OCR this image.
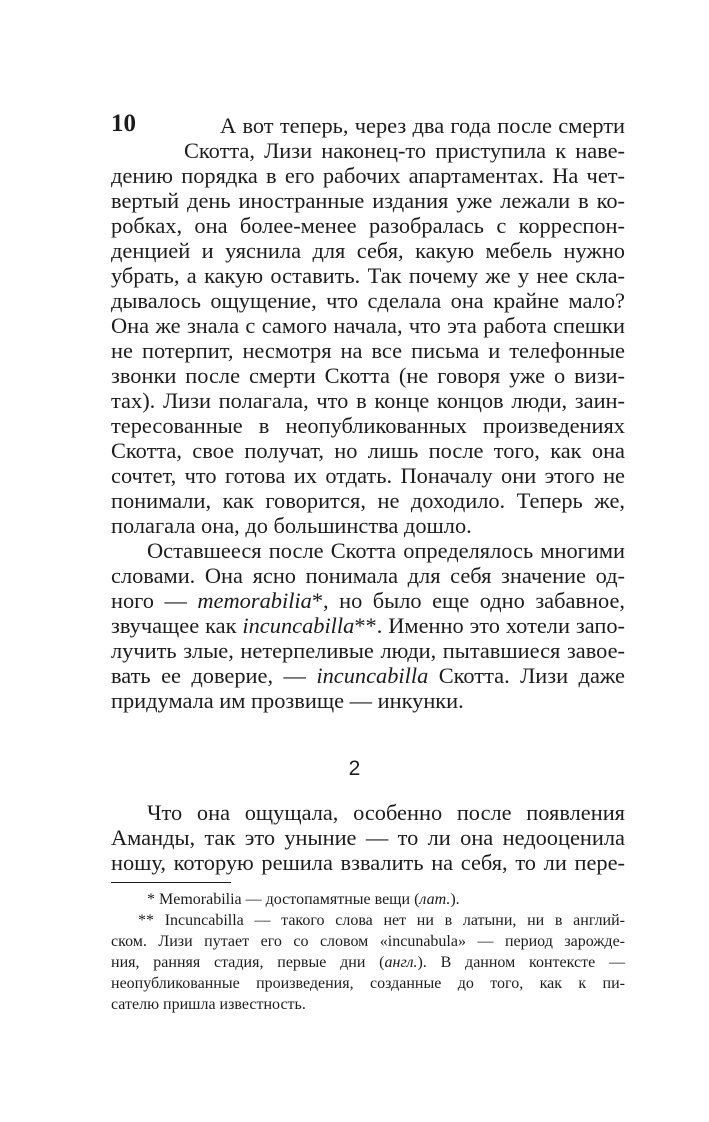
10	А вот теперь, через два года после смерти
Скотта, Лизи наконец-то приступила к наве-
дению порядка в его рабочих апартаментах. На чет-
вертый день иностранные издания уже лежали в ко-
робках, она более-менее разобралась с корреспон-
денцией и уяснила для себя, какую мебель нужно
убрать, а какую оставить. Так почему же у нее скла-
дывалось ощущение, что сделала она крайне мало?
Она же знала с самого начала, что эта работа спешки
не потерпит, несмотря на все письма и телефонные
звонки после смерти Скотта (не говоря уже о визи-
тах). Лизи полагала, что в конце концов люди, заин-
тересованные в неопубликованных произведениях
Скотта, свое получат, но лишь после того, как она
сочтет, что готова их отдать. Поначалу они этого не
понимали, как говорится, не доходило. Теперь же,
полагала она, до большинства дошло.
Оставшееся после Скотта определялось многими
словами. Она ясно понимала для себя значение од-
ного — memorabilia*, но было еще одно забавное,
звучащее как incuncabilla**. Именно это хотели запо-
лучить злые, нетерпеливые люди, пытавшиеся завое-
вать ее доверие, — incuncabilla Скотта. Лизи даже
придумала им прозвище — инкунки.
2
Что она ощущала, особенно после появления
Аманды, так это уныние — то ли она недооценила
ношу, которую решила взвалить на себя, то ли пере-
* Memorabilia — достопамятные вещи (лат.).
** Incuncabilla — такого слова нет ни в латыни, ни в англий-
ском. Лизи путает его со словом «incunabula» — период зарожде-
ния, ранняя стадия, первые дни (англ.). В данном контексте —
неопубликованные произведения, созданные до того, как к пи-
сателю пришла известность.
